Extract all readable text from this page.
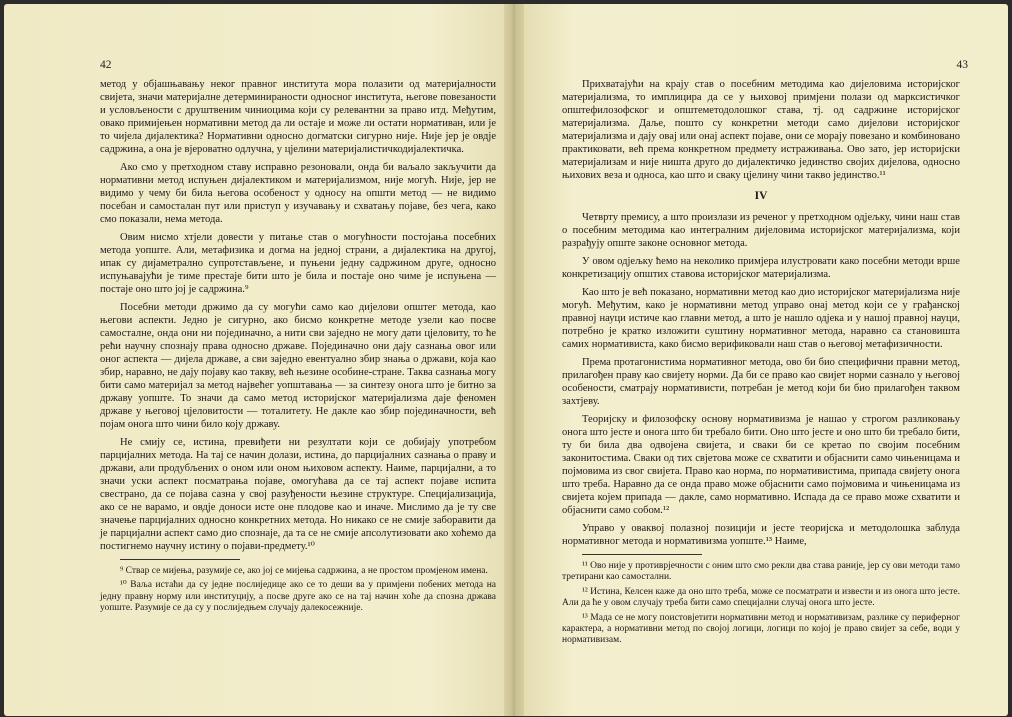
42

метод у објашњавању неког правног института мора полазити од материјалности свијета, значи материјалне детерминираности односног института, његове повезаности и условљености с друштвеним чиниоцима који су релевантни за право итд. Међутим, овако примијењен нормативни метод да ли остаје и може ли остати нормативан, или је то чијела дијалектика? Нормативни односно догматски сигурно није. Није јер је овдје садржина, а она је вјероватно одлучна, у цјелини материјалистичкодијалектичка.

Ако смо у претходном ставу исправно резоновали, онда би ваљало закључити да нормативни метод испуњен дијалектиком и материјализмом, није могућ. Није, јер не видимо у чему би била његова особеност у односу на општи метод — не видимо посебан и самосталан пут или приступ у изучавању и схватању појаве, без чега, како смо показали, нема метода.

Овим нисмо хтјели довести у питање став о могућности постојања посебних метода уопште. Али, метафизика и догма на једној страни, а дијалектика на другој, ипак су дијаметрално супротстављене, и пуњени једну садржином друге, односно испуњавајући је тиме престаје бити што је била и постаје оно чиме је испуњена — постаје оно што јој је садржина.⁹

Посебни методи држимо да су могући само као дијелови општег метода, као његови аспекти. Једно је сигурно, ако бисмо конкретне методе узели као посве самосталне, онда они ни појединачно, а нити сви заједно не могу дати цјеловиту, то ће рећи научну спознају права односно државе. Појединачно они дају сазнања овог или оног аспекта — дијела државе, а сви заједно евентуално збир знања о држави, која као збир, наравно, не дају појаву као такву, већ њезине особине-стране. Таква сазнања могу бити само материјал за метод највећег уопштавања — за синтезу онога што је битно за државу уопште. То значи да само метод историјског материјализма даје феномен државе у његовој цјеловитости — тоталитету. Не дакле као збир појединачности, већ појам онога што чини било коју државу.

Не смију се, истина, превиђети ни резултати који се добијају употребом парцијалних метода. На тај се начин долази, истина, до парцијалних сазнања о праву и држави, али продубљених о оном или оном њиховом аспекту. Наиме, парцијални, а то значи уски аспект посматрања појаве, омогућава да се тај аспект појаве испита свестрано, да се појава сазна у свој разуђености њезине структуре. Специјализација, ако се не варамо, и овдје доноси исте оне плодове као и иначе. Мислимо да је ту све значење парцијалних односно конкретних метода. Но никако се не смије заборавити да је парцијални аспект само дио спознаје, да та се не смије апсолутизовати ако хоћемо да постигнемо научну истину о појави-предмету.¹⁰

⁹ Ствар се мијења, разумије се, ако јој се мијења садржина, а не простом промјеном имена.

¹⁰ Ваља истаћи да су једне послиједице ако се то деши ва у примјени побених метода на једну правну норму или институцију, а посве друге ако се на тај начин хоће да спозна држава уопште. Разумије се да су у послиједњем случају далекосежније.

43

Прихватајући на крају став о посебним методима као дијеловима историјског материјализма, то имплицира да се у њиховој примјени полази од марксистичког општефилозофског и општеметодолошког става, тј. од садржине историјског материјализма. Даље, пошто су конкретни методи само дијелови историјског материјализма и дају овај или онај аспект појаве, они се морају повезано и комбиновано практиковати, већ према конкретном предмету истраживања. Ово зато, јер историјски материјализам и није ништа друго до дијалектичко јединство својих дијелова, односно њихових веза и односа, као што и свaку цјелину чини такво јединство.¹¹

IV

Четврту премису, а што произлази из реченог у претходном одјељку, чини наш став о посебним методима као интегралним дијеловима историјског материјализма, који разрађују опште законе основног метода.

У овом одјељку ћемо на неколико примјера илустровати како посебни методи врше конкретизацију општих ставова историјског материјализма.

Као што је већ показано, нормативни метод као дио историјског материјализма није могућ. Међутим, како је нормативни метод управо онај метод који се у грађанској правној науци истиче као главни метод, а што је нашло одјека и у нашој правној науци, потребно је кратко изложити суштину нормативног метода, наравно са становишта самих нормативиста, како бисмо верификовали наш став о његовој метафизичности.

Према протагонистима нормативног метода, ово би био специфични правни метод, прилагођен праву као свијету норми. Да би се право као свијет норми сазнало у његовој особености, сматрају нормативисти, потребан је метод који би био прилагођен таквом захтјеву.

Теоријску и филозофску основу нормативизма је нашао у строгом разликовању онога што јесте и онога што би требало бити. Оно што јесте и оно што би требало бити, ту би била два одвојена свијета, и сваки би се кретао по својим посебним законитостима. Сваки од тих свјетова може се схватити и објаснити само чињеницама и појмовима из свог свијета. Право као норма, по нормативистима, припада свијету онога што треба. Наравно да се онда право може објаснити само појмовима и чињеницама из свијета којем припада — дакле, само нормативно. Испада да се право може схватити и објаснити само собом.¹²

Управо у оваквој полазној позицији и јесте теоријска и методолошка заблуда нормативног метода и нормативизма уопште.¹³ Наиме,

¹¹ Ово није у противрјечности с оним што смо рекли два става раније, јер су ови методи тамо третирани као самостални.

¹² Истина, Келсен каже да оно што треба, може се посматрати и извести и из онога што јесте. Али да ће у овом случају треба бити само специјални случај онога што јесте.

¹³ Мада се не могу поистовјетити нормативни метод и нормативизам, разлике су периферног карактера, а нормативни метод по својој логици, логици по којој је право свијет за себе, води у нормативизам.
